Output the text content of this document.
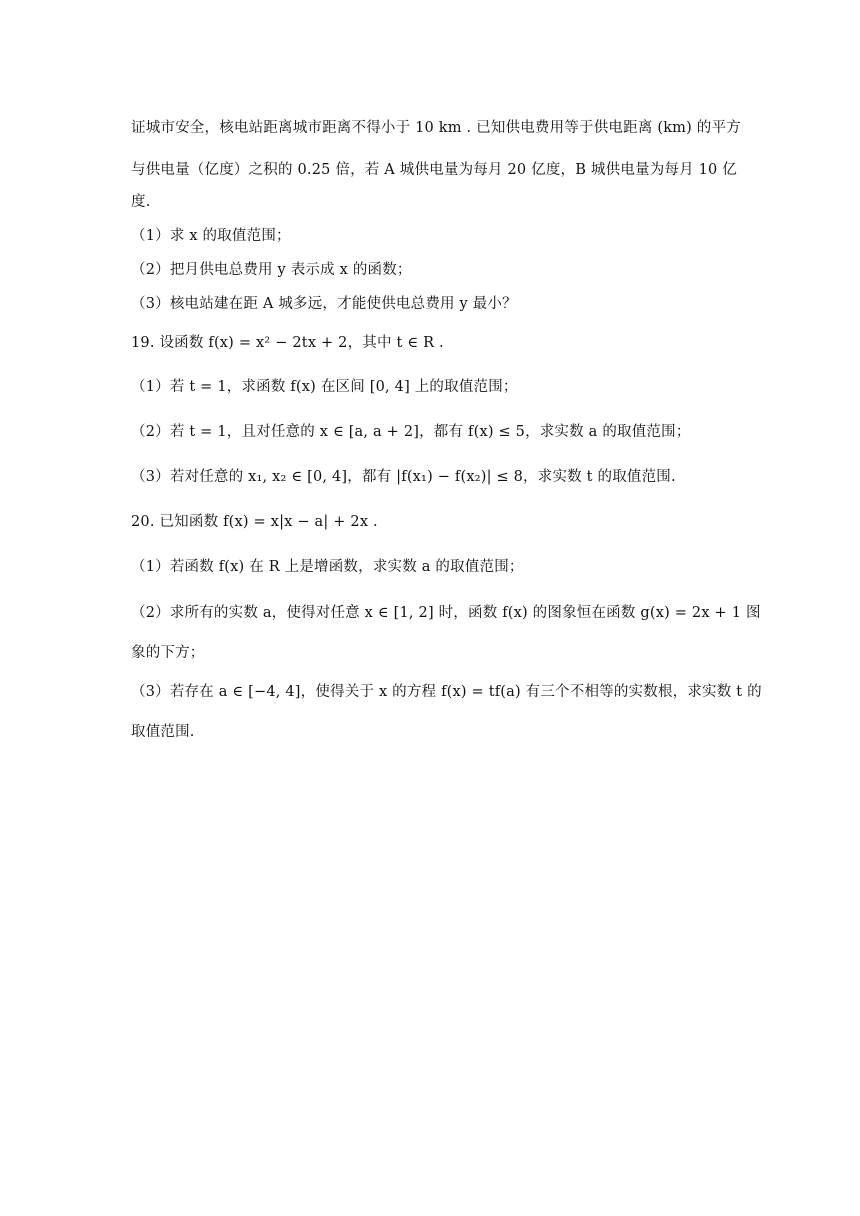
证城市安全，核电站距离城市距离不得小于 10 km . 已知供电费用等于供电距离 (km) 的平方
与供电量（亿度）之积的 0.25 倍，若 A 城供电量为每月 20 亿度，B 城供电量为每月 10 亿
度.
（1）求 x 的取值范围；
（2）把月供电总费用 y 表示成 x 的函数；
（3）核电站建在距 A 城多远，才能使供电总费用 y 最小？
19. 设函数 f(x) = x² − 2tx + 2，其中 t ∈ R .
（1）若 t = 1，求函数 f(x) 在区间 [0, 4] 上的取值范围；
（2）若 t = 1，且对任意的 x ∈ [a, a + 2]，都有 f(x) ≤ 5，求实数 a 的取值范围；
（3）若对任意的 x₁, x₂ ∈ [0, 4]，都有 |f(x₁) − f(x₂)| ≤ 8，求实数 t 的取值范围.
20. 已知函数 f(x) = x|x − a| + 2x .
（1）若函数 f(x) 在 R 上是增函数，求实数 a 的取值范围；
（2）求所有的实数 a，使得对任意 x ∈ [1, 2] 时，函数 f(x) 的图象恒在函数 g(x) = 2x + 1 图
象的下方；
（3）若存在 a ∈ [−4, 4]，使得关于 x 的方程 f(x) = tf(a) 有三个不相等的实数根，求实数 t 的
取值范围.
